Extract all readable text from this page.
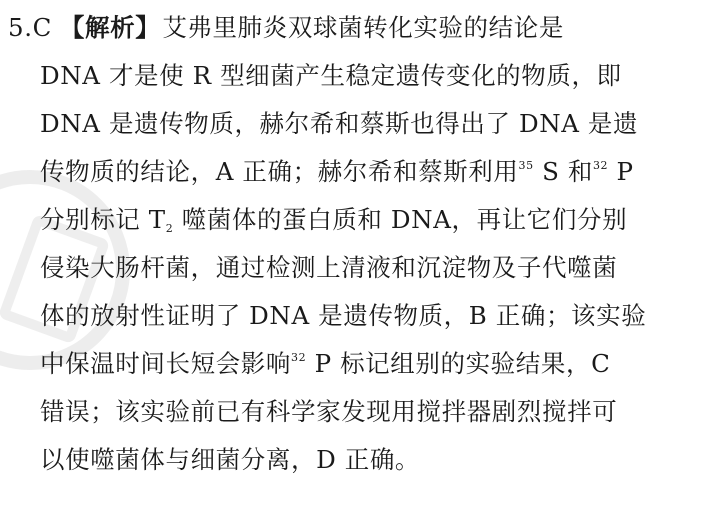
5.C 【解析】艾弗里肺炎双球菌转化实验的结论是
DNA 才是使 R 型细菌产生稳定遗传变化的物质，即
DNA 是遗传物质，赫尔希和蔡斯也得出了 DNA 是遗
传物质的结论，A 正确；赫尔希和蔡斯利用$^{35}$ S 和$^{32}$ P
分别标记 $T_2$ 噬菌体的蛋白质和 DNA，再让它们分别
侵染大肠杆菌，通过检测上清液和沉淀物及子代噬菌
体的放射性证明了 DNA 是遗传物质，B 正确；该实验
中保温时间长短会影响$^{32}$ P 标记组别的实验结果，C
错误；该实验前已有科学家发现用搅拌器剧烈搅拌可
以使噬菌体与细菌分离，D 正确。
